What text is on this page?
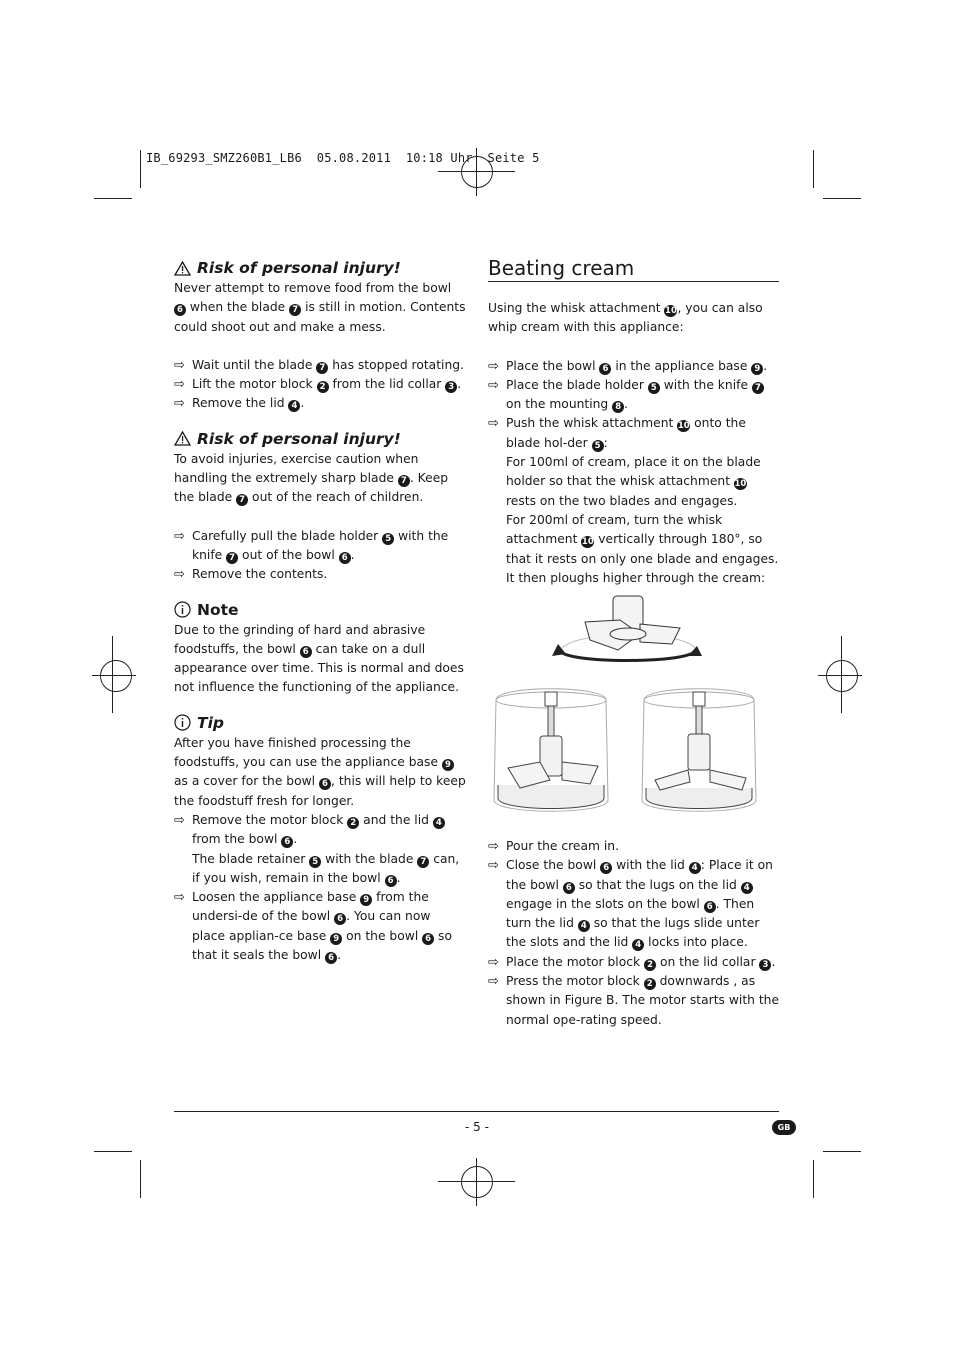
IB_69293_SMZ260B1_LB6  05.08.2011  10:18 Uhr  Seite 5
Risk of personal injury!

Never attempt to remove food from the bowl 6 when the blade 7 is still in motion. Contents could shoot out and make a mess.

⇨ Wait until the blade 7 has stopped rotating.
⇨ Lift the motor block 2 from the lid collar 3 .
⇨ Remove the lid 4 .
Risk of personal injury!

To avoid injuries, exercise caution when handling the extremely sharp blade 7 . Keep the blade 7 out of the reach of children.

⇨ Carefully pull the blade holder 5 with the knife 7 out of the bowl 6 .
⇨ Remove the contents.
Note

Due to the grinding of hard and abrasive foodstuffs, the bowl 6 can take on a dull appearance over time. This is normal and does not influence the functioning of the appliance.

Tip

After you have finished processing the foodstuffs, you can use the appliance base 9 as a cover for the bowl 6 , this will help to keep the foodstuff fresh for longer.

⇨ Remove the motor block 2 and the lid 4 from the bowl 6 .

The blade retainer 5 with the blade 7 can, if you wish, remain in the bowl 6 .

⇨ Loosen the appliance base 9 from the undersi-de of the bowl 6 . You can now place applian-ce base 9 on the bowl 6 so that it seals the bowl 6 .
Beating cream

Using the whisk attachment 10, you can also whip cream with this appliance:

⇨ Place the bowl 6 in the appliance base 9 .
⇨ Place the blade holder 5 with the knife 7 on the mounting 8 .
⇨ Push the whisk attachment 10 onto the blade hol-der 5 :

For 100ml of cream, place it on the blade holder so that the whisk attachment 10 rests on the two blades and engages.

For 200ml of cream, turn the whisk attachment 10 vertically through 180°, so that it rests on only one blade and engages. It then ploughs higher through the cream:

⇨ Pour the cream in.
⇨ Close the bowl 6 with the lid 4 : Place it on the bowl 6 so that the lugs on the lid 4 engage in the slots on the bowl 6 . Then turn the lid 4 so that the lugs slide unter the slots and the lid 4 locks into place.
⇨ Place the motor block 2 on the lid collar 3 .
⇨ Press the motor block 2 downwards , as shown in Figure B. The motor starts with the normal ope-rating speed.
- 5 -	GB
